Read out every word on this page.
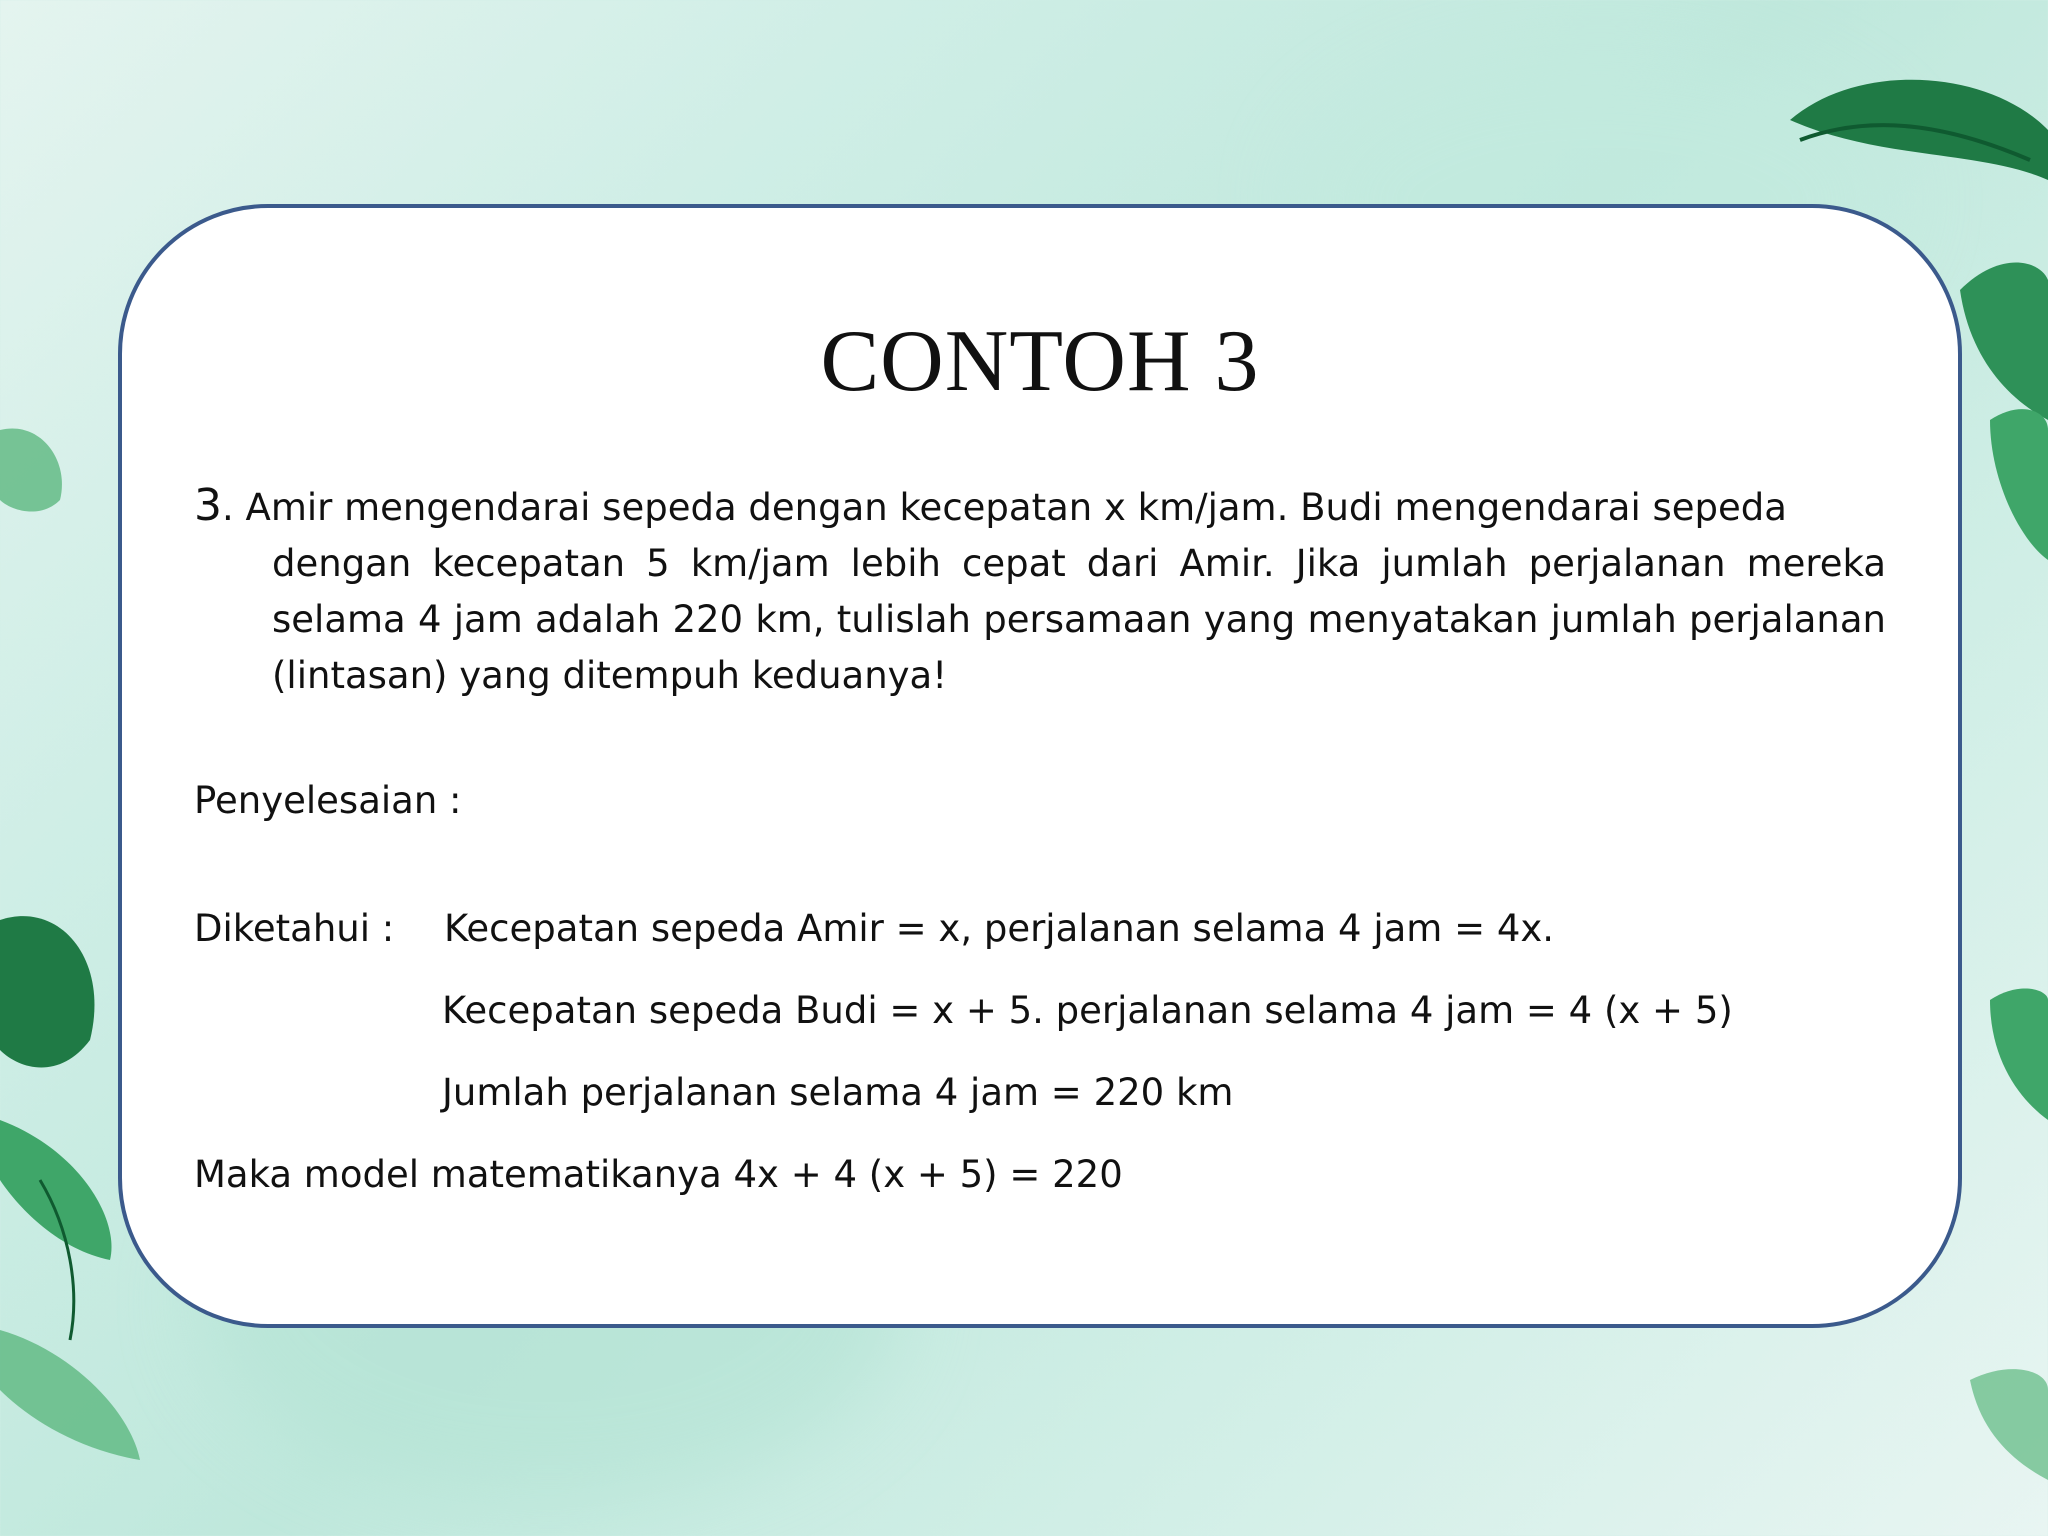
CONTOH 3
3. Amir mengendarai sepeda dengan kecepatan x km/jam. Budi mengendarai sepeda
dengan kecepatan 5 km/jam lebih cepat dari Amir. Jika jumlah perjalanan mereka selama 4 jam adalah 220 km, tulislah persamaan yang menyatakan jumlah perjalanan (lintasan) yang ditempuh keduanya!
Penyelesaian :
Diketahui : Kecepatan sepeda Amir = x, perjalanan selama 4 jam = 4x.
Kecepatan sepeda Budi = x + 5. perjalanan selama 4 jam = 4 (x + 5)
Jumlah perjalanan selama 4 jam = 220 km
Maka model matematikanya 4x + 4 (x + 5) = 220
